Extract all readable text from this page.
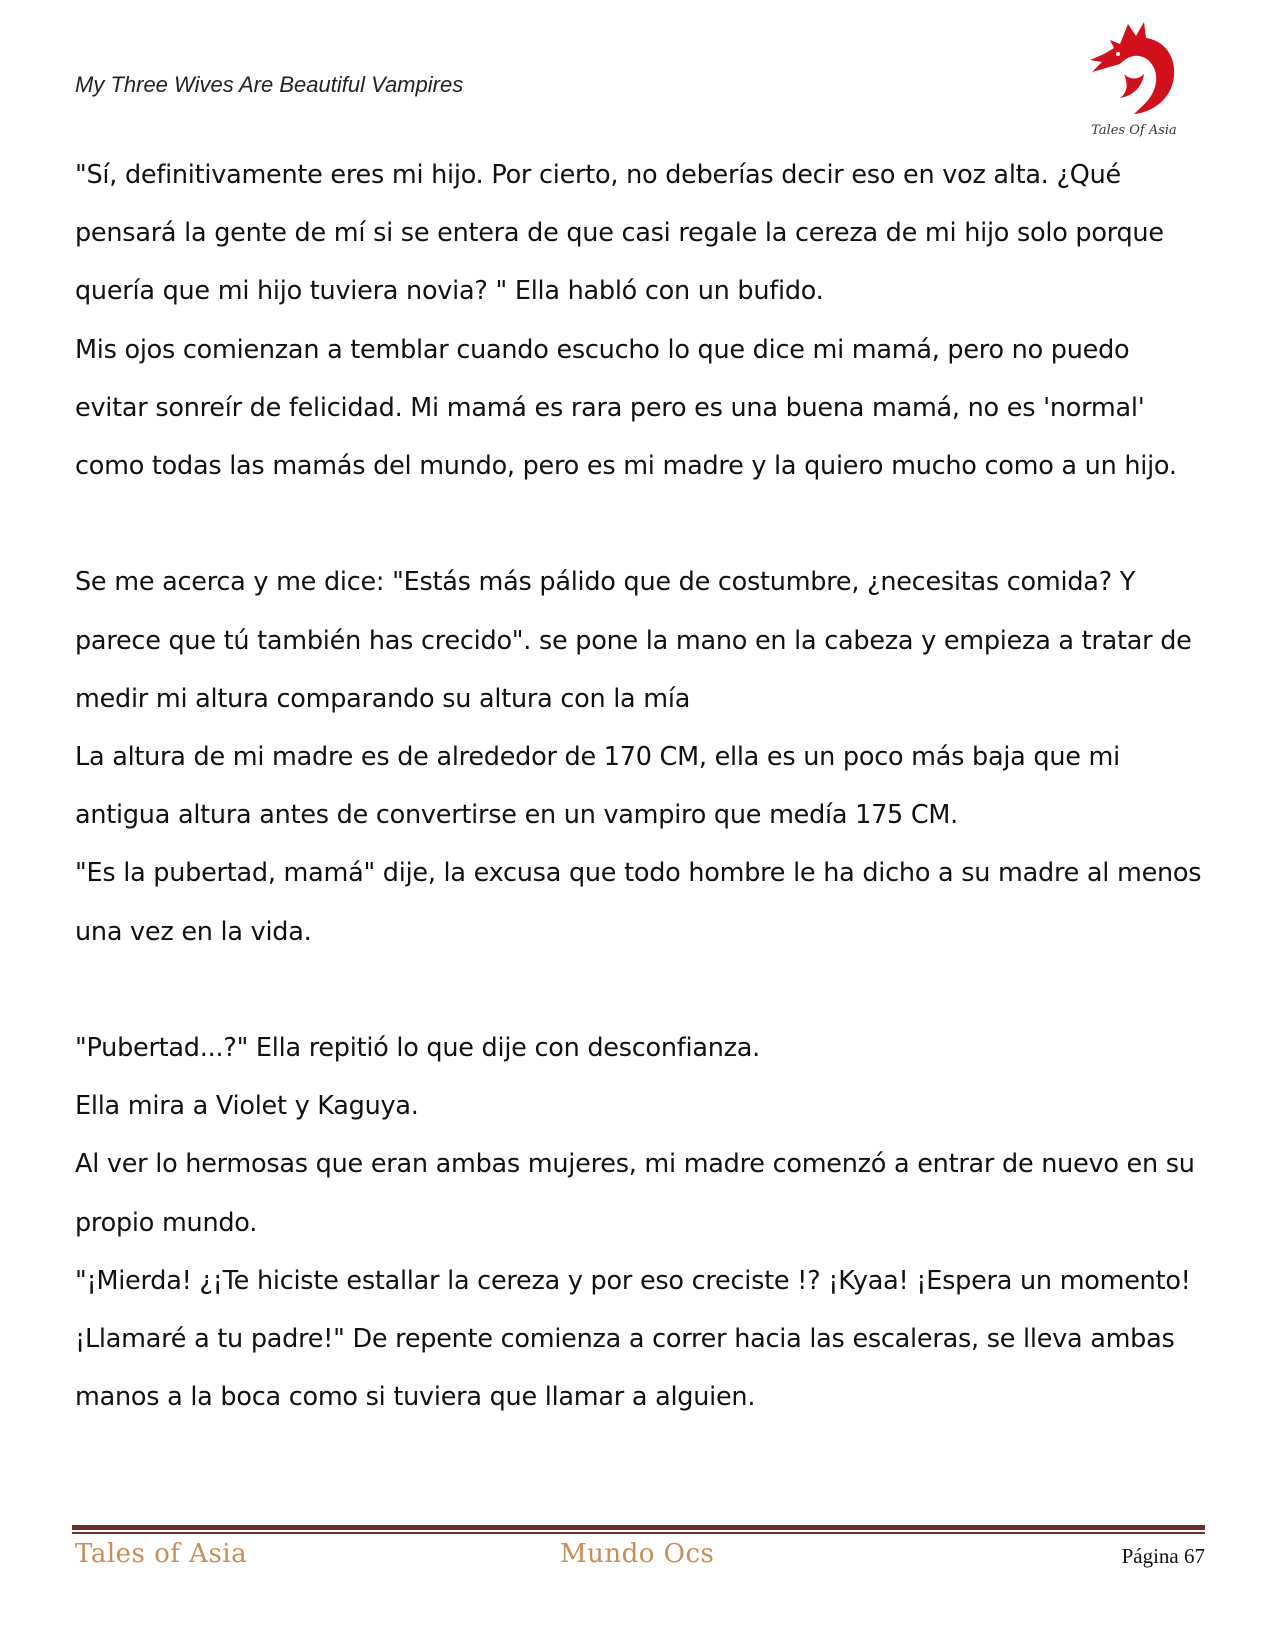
My Three Wives Are Beautiful Vampires
Tales Of Asia

"Sí, definitivamente eres mi hijo. Por cierto, no deberías decir eso en voz alta. ¿Qué pensará la gente de mí si se entera de que casi regale la cereza de mi hijo solo porque quería que mi hijo tuviera novia? " Ella habló con un bufido.

Mis ojos comienzan a temblar cuando escucho lo que dice mi mamá, pero no puedo evitar sonreír de felicidad. Mi mamá es rara pero es una buena mamá, no es 'normal' como todas las mamás del mundo, pero es mi madre y la quiero mucho como a un hijo.

Se me acerca y me dice: "Estás más pálido que de costumbre, ¿necesitas comida? Y parece que tú también has crecido". se pone la mano en la cabeza y empieza a tratar de medir mi altura comparando su altura con la mía

La altura de mi madre es de alrededor de 170 CM, ella es un poco más baja que mi antigua altura antes de convertirse en un vampiro que medía 175 CM.

"Es la pubertad, mamá" dije, la excusa que todo hombre le ha dicho a su madre al menos una vez en la vida.

"Pubertad...?" Ella repitió lo que dije con desconfianza.

Ella mira a Violet y Kaguya.

Al ver lo hermosas que eran ambas mujeres, mi madre comenzó a entrar de nuevo en su propio mundo.

"¡Mierda! ¿¡Te hiciste estallar la cereza y por eso creciste !? ¡Kyaa! ¡Espera un momento! ¡Llamaré a tu padre!" De repente comienza a correr hacia las escaleras, se lleva ambas manos a la boca como si tuviera que llamar a alguien.

Tales of Asia	Mundo Ocs	Página 67
